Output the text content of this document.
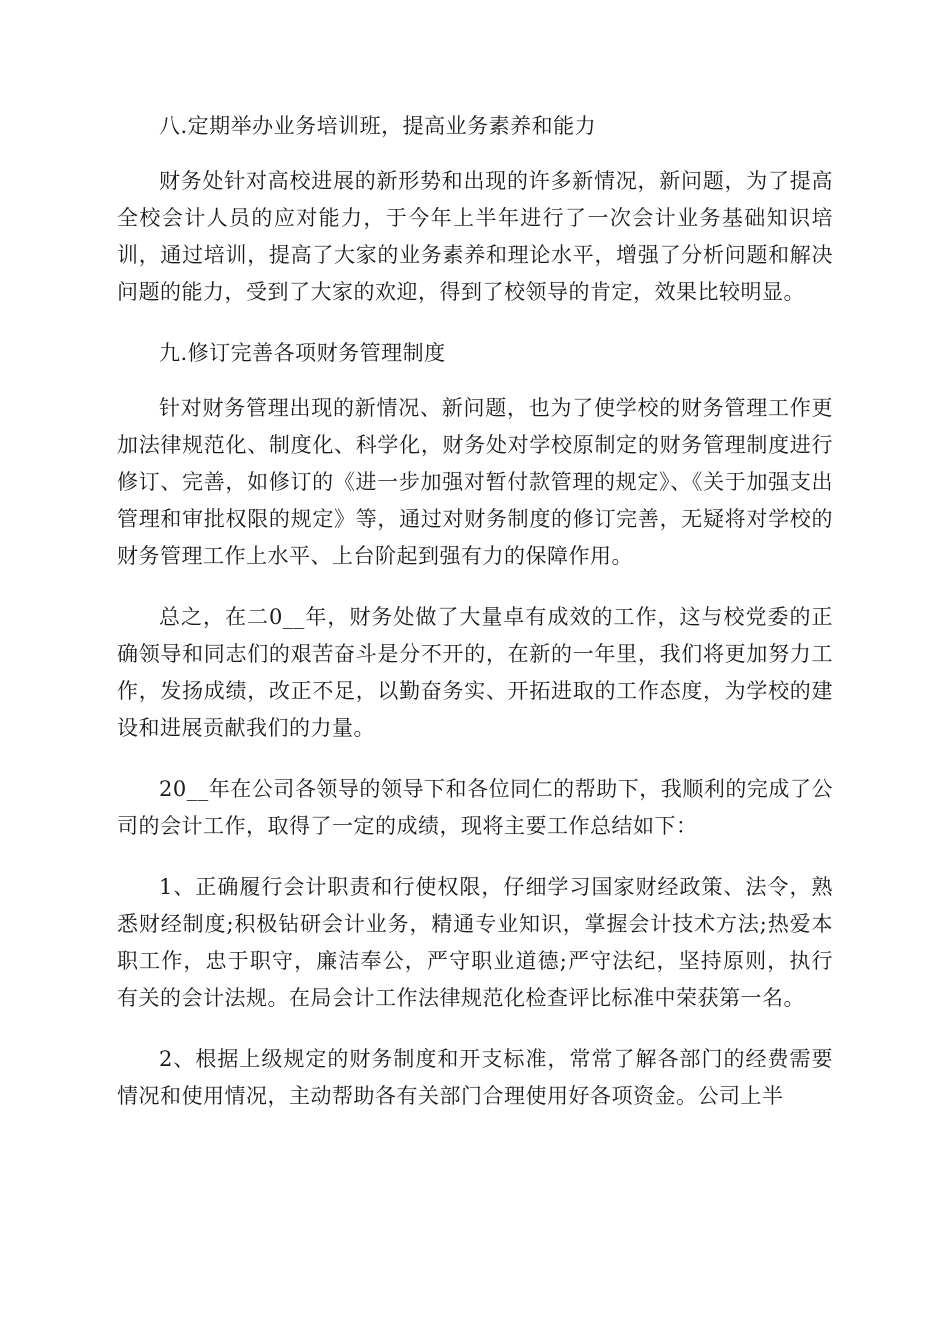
八.定期举办业务培训班，提高业务素养和能力

财务处针对高校进展的新形势和出现的许多新情况，新问题，为了提高全校会计人员的应对能力，于今年上半年进行了一次会计业务基础知识培训，通过培训，提高了大家的业务素养和理论水平，增强了分析问题和解决问题的能力，受到了大家的欢迎，得到了校领导的肯定，效果比较明显。

九.修订完善各项财务管理制度

针对财务管理出现的新情况、新问题，也为了使学校的财务管理工作更加法律规范化、制度化、科学化，财务处对学校原制定的财务管理制度进行修订、完善，如修订的《进一步加强对暂付款管理的规定》、《关于加强支出管理和审批权限的规定》等，通过对财务制度的修订完善，无疑将对学校的财务管理工作上水平、上台阶起到强有力的保障作用。

总之，在二0__年，财务处做了大量卓有成效的工作，这与校党委的正确领导和同志们的艰苦奋斗是分不开的，在新的一年里，我们将更加努力工作，发扬成绩，改正不足，以勤奋务实、开拓进取的工作态度，为学校的建设和进展贡献我们的力量。

20__年在公司各领导的领导下和各位同仁的帮助下，我顺利的完成了公司的会计工作，取得了一定的成绩，现将主要工作总结如下：

1、正确履行会计职责和行使权限，仔细学习国家财经政策、法令，熟悉财经制度;积极钻研会计业务，精通专业知识，掌握会计技术方法;热爱本职工作，忠于职守，廉洁奉公，严守职业道德;严守法纪，坚持原则，执行有关的会计法规。在局会计工作法律规范化检查评比标准中荣获第一名。

2、根据上级规定的财务制度和开支标准，常常了解各部门的经费需要情况和使用情况，主动帮助各有关部门合理使用好各项资金。公司上半
